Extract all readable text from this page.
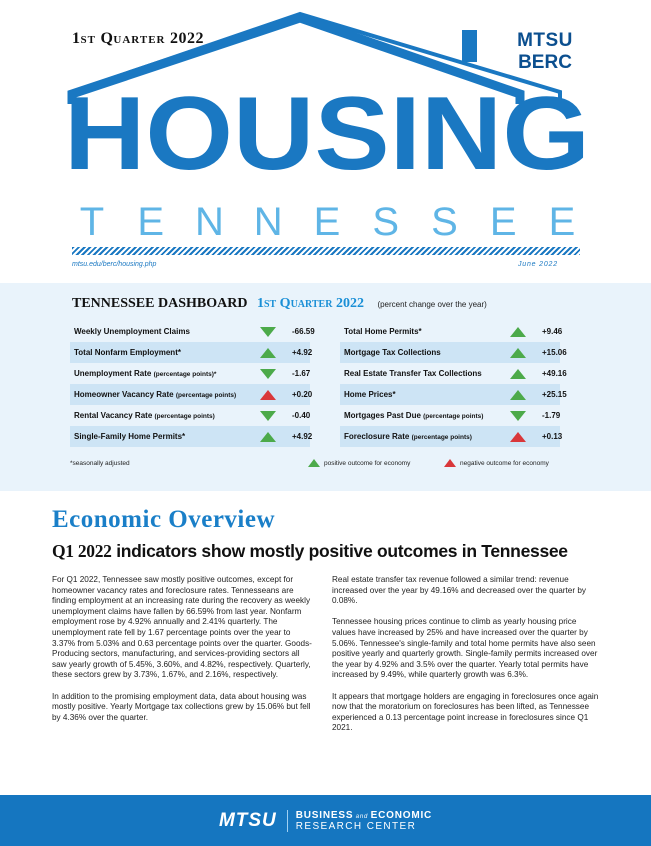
1ST QUARTER 2022	MTSU
BERC
HOUSING
T E N N E S S E E
mtsu.edu/berc/housing.php	June 2022
TENNESSEE DASHBOARD 1ST QUARTER 2022 (percent change over the year)
Weekly Unemployment Claims	-66.59
Total Nonfarm Employment*	+4.92
Unemployment Rate (percentage points)*	-1.67
Homeowner Vacancy Rate (percentage points)	+0.20
Rental Vacancy Rate (percentage points)	-0.40
Single-Family Home Permits*	+4.92
Total Home Permits*	+9.46
Mortgage Tax Collections	+15.06
Real Estate Transfer Tax Collections	+49.16
Home Prices*	+25.15
Mortgages Past Due (percentage points)	-1.79
Foreclosure Rate (percentage points)	+0.13
*seasonally adjusted	positive outcome for economy	negative outcome for economy
Economic Overview
Q1 2022 indicators show mostly positive outcomes in Tennessee

For Q1 2022, Tennessee saw mostly positive outcomes, except for homeowner vacancy rates and foreclosure rates. Tennesseans are finding employment at an increasing rate during the recovery as weekly unemployment claims have fallen by 66.59% from last year. Nonfarm employment rose by 4.92% annually and 2.41% quarterly. The unemployment rate fell by 1.67 percentage points over the year to 3.37% from 5.03% and 0.63 percentage points over the quarter. Goods-Producing sectors, manufacturing, and services-providing sectors all saw yearly growth of 5.45%, 3.60%, and 4.82%, respectively. Quarterly, these sectors grew by 3.73%, 1.67%, and 2.16%, respectively.

In addition to the promising employment data, data about housing was mostly positive. Yearly Mortgage tax collections grew by 15.06% but fell by 4.36% over the quarter.

Real estate transfer tax revenue followed a similar trend: revenue increased over the year by 49.16% and decreased over the quarter by 0.08%.

Tennessee housing prices continue to climb as yearly housing price values have increased by 25% and have increased over the quarter by 5.06%. Tennessee's single-family and total home permits have also seen positive yearly and quarterly growth. Single-family permits increased over the year by 4.92% and 3.5% over the quarter. Yearly total permits have increased by 9.49%, while quarterly growth was 6.3%.

It appears that mortgage holders are engaging in foreclosures once again now that the moratorium on foreclosures has been lifted, as Tennessee experienced a 0.13 percentage point increase in foreclosures since Q1 2021.

MTSU BUSINESS and ECONOMIC
RESEARCH CENTER
